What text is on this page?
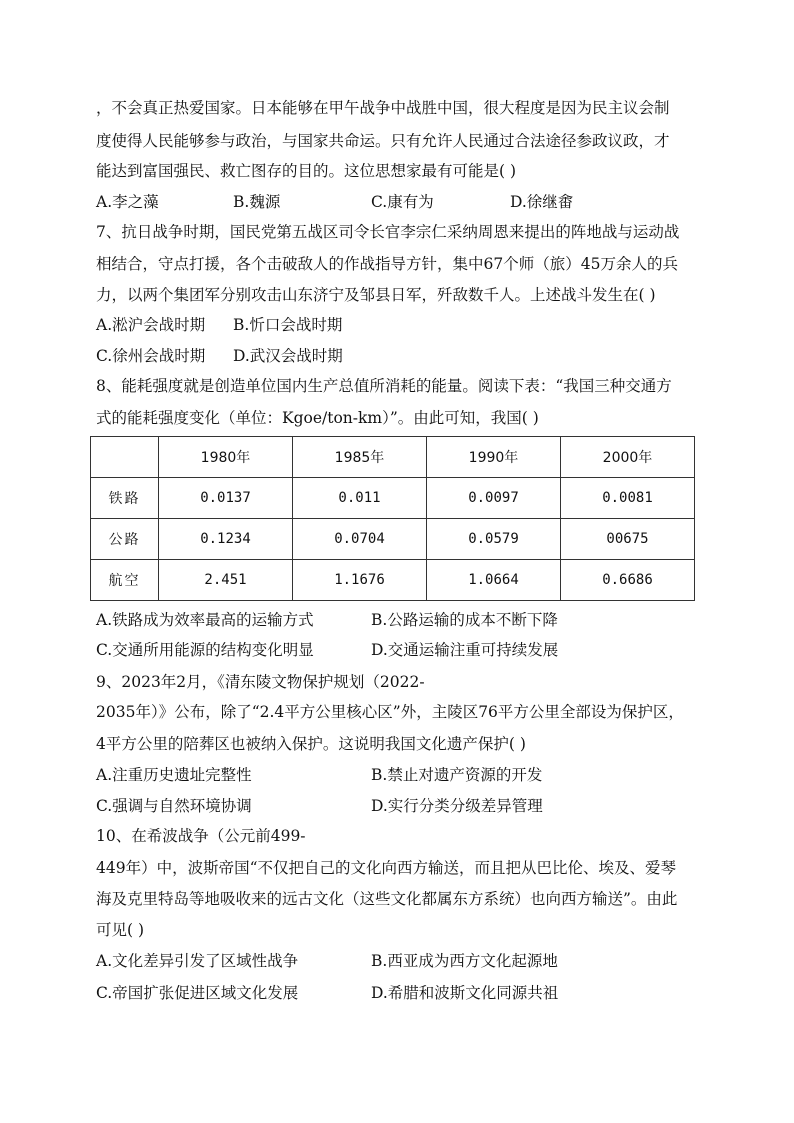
，不会真正热爱国家。日本能够在甲午战争中战胜中国，很大程度是因为民主议会制
度使得人民能够参与政治，与国家共命运。只有允许人民通过合法途径参政议政，才
能达到富国强民、救亡图存的目的。这位思想家最有可能是( )
A.李之藻	B.魏源	C.康有为	D.徐继畬
7、抗日战争时期，国民党第五战区司令长官李宗仁采纳周恩来提出的阵地战与运动战
相结合，守点打援，各个击破敌人的作战指导方针，集中67个师（旅）45万余人的兵
力，以两个集团军分别攻击山东济宁及邹县日军，歼敌数千人。上述战斗发生在( )
A.淞沪会战时期 B.忻口会战时期
C.徐州会战时期 D.武汉会战时期
8、能耗强度就是创造单位国内生产总值所消耗的能量。阅读下表：“我国三种交通方
式的能耗强度变化（单位：Kgoe/ton-km）”。由此可知，我国( )
	1980年	1985年	1990年	2000年
铁路	0.0137	0.011	0.0097	0.0081
公路	0.1234	0.0704	0.0579	00675
航空	2.451	1.1676	1.0664	0.6686
A.铁路成为效率最高的运输方式	B.公路运输的成本不断下降
C.交通所用能源的结构变化明显	D.交通运输注重可持续发展
9、2023年2月，《清东陵文物保护规划（2022-
2035年）》公布，除了“2.4平方公里核心区”外，主陵区76平方公里全部设为保护区，
4平方公里的陪葬区也被纳入保护。这说明我国文化遗产保护( )
A.注重历史遗址完整性	B.禁止对遗产资源的开发
C.强调与自然环境协调	D.实行分类分级差异管理
10、在希波战争（公元前499-
449年）中，波斯帝国“不仅把自己的文化向西方输送，而且把从巴比伦、埃及、爱琴
海及克里特岛等地吸收来的远古文化（这些文化都属东方系统）也向西方输送”。由此
可见( )
A.文化差异引发了区域性战争	B.西亚成为西方文化起源地
C.帝国扩张促进区域文化发展	D.希腊和波斯文化同源共祖
